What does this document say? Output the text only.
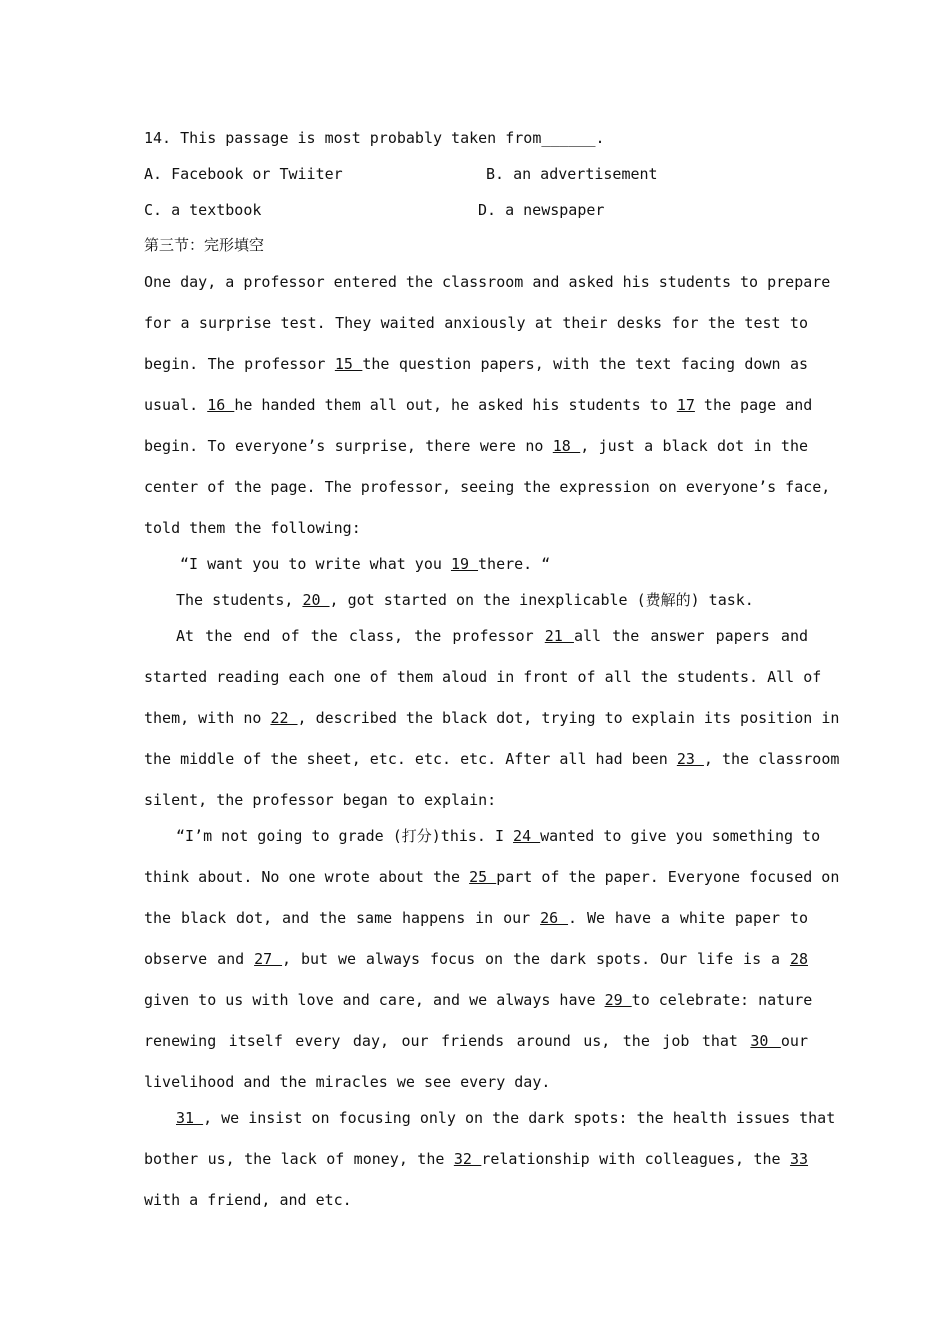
14. This passage is most probably taken from______.
A. Facebook or Twiiter	B. an advertisement
C. a textbook	D. a newspaper
第三节：完形填空
One day, a professor entered the classroom and asked his students to prepare
for a surprise test. They waited anxiously at their desks for the test to
begin. The professor 15 the question papers, with the text facing down as
usual. 16 he handed them all out, he asked his students to 17 the page and
begin. To everyone’s surprise, there were no 18 , just a black dot in the
center of the page. The professor, seeing the expression on everyone’s face,
told them the following:
“I want you to write what you 19 there. “
The students, 20 , got started on the inexplicable (费解的) task.
At the end of the class, the professor 21 all the answer papers and
started reading each one of them aloud in front of all the students. All of
them, with no 22 , described the black dot, trying to explain its position in
the middle of the sheet, etc. etc. etc. After all had been 23 , the classroom
silent, the professor began to explain:
“I’m not going to grade (打分)this. I 24 wanted to give you something to
think about. No one wrote about the 25 part of the paper. Everyone focused on
the black dot, and the same happens in our 26 . We have a white paper to
observe and 27 , but we always focus on the dark spots. Our life is a 28
given to us with love and care, and we always have 29 to celebrate: nature
renewing itself every day, our friends around us, the job that 30 our
livelihood and the miracles we see every day.
31 , we insist on focusing only on the dark spots: the health issues that
bother us, the lack of money, the 32 relationship with colleagues, the 33
with a friend, and etc.
